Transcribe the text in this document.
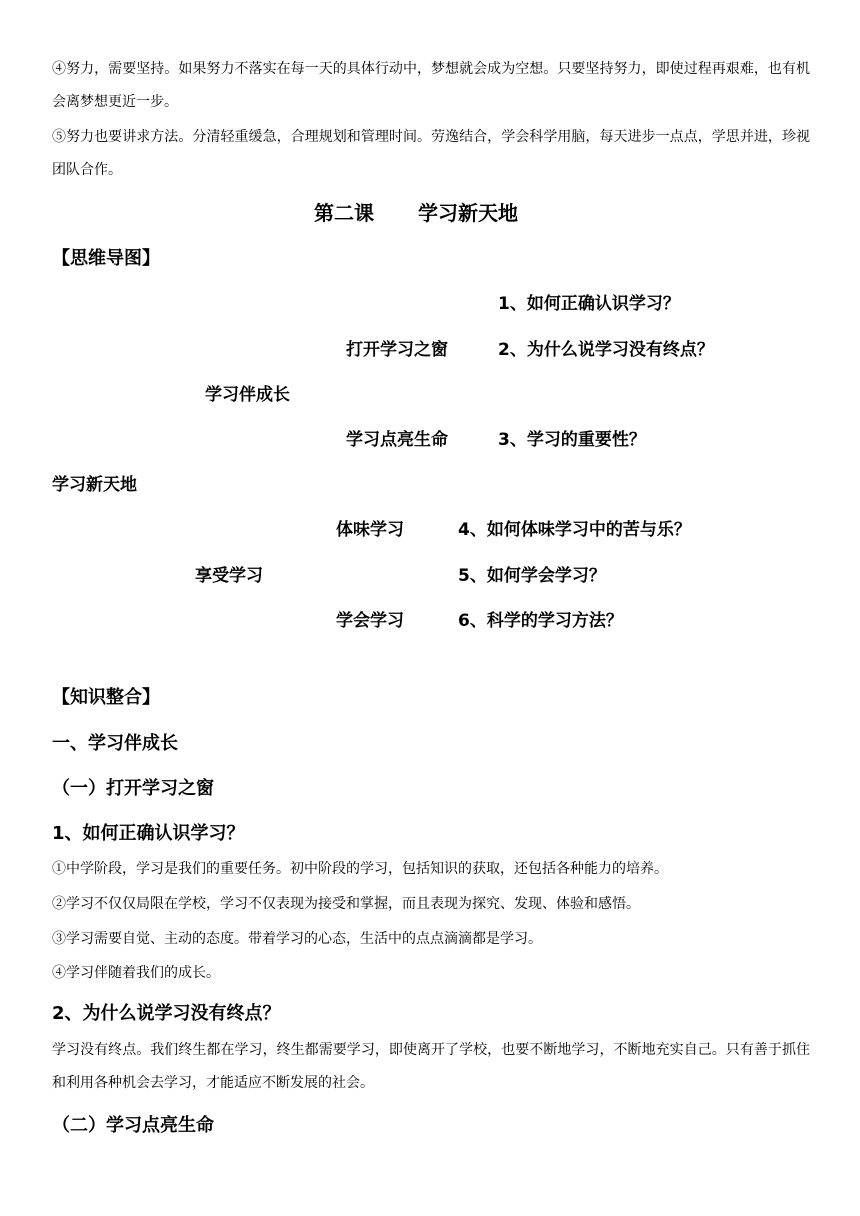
④努力，需要坚持。如果努力不落实在每一天的具体行动中，梦想就会成为空想。只要坚持努力，即使过程再艰难，也有机会离梦想更近一步。
⑤努力也要讲求方法。分清轻重缓急，合理规划和管理时间。劳逸结合，学会科学用脑，每天进步一点点，学思并进，珍视团队合作。
第二课 学习新天地
【思维导图】
1、如何正确认识学习？
打开学习之窗	2、为什么说学习没有终点？
学习伴成长
学习点亮生命	3、学习的重要性？
学习新天地
体味学习	4、如何体味学习中的苦与乐？
享受学习	5、如何学会学习？
学会学习	6、科学的学习方法？
【知识整合】
一、学习伴成长
（一）打开学习之窗
1、如何正确认识学习？
①中学阶段，学习是我们的重要任务。初中阶段的学习，包括知识的获取，还包括各种能力的培养。
②学习不仅仅局限在学校，学习不仅表现为接受和掌握，而且表现为探究、发现、体验和感悟。
③学习需要自觉、主动的态度。带着学习的心态，生活中的点点滴滴都是学习。
④学习伴随着我们的成长。
2、为什么说学习没有终点？
学习没有终点。我们终生都在学习，终生都需要学习，即使离开了学校，也要不断地学习，不断地充实自己。只有善于抓住和利用各种机会去学习，才能适应不断发展的社会。
（二）学习点亮生命
